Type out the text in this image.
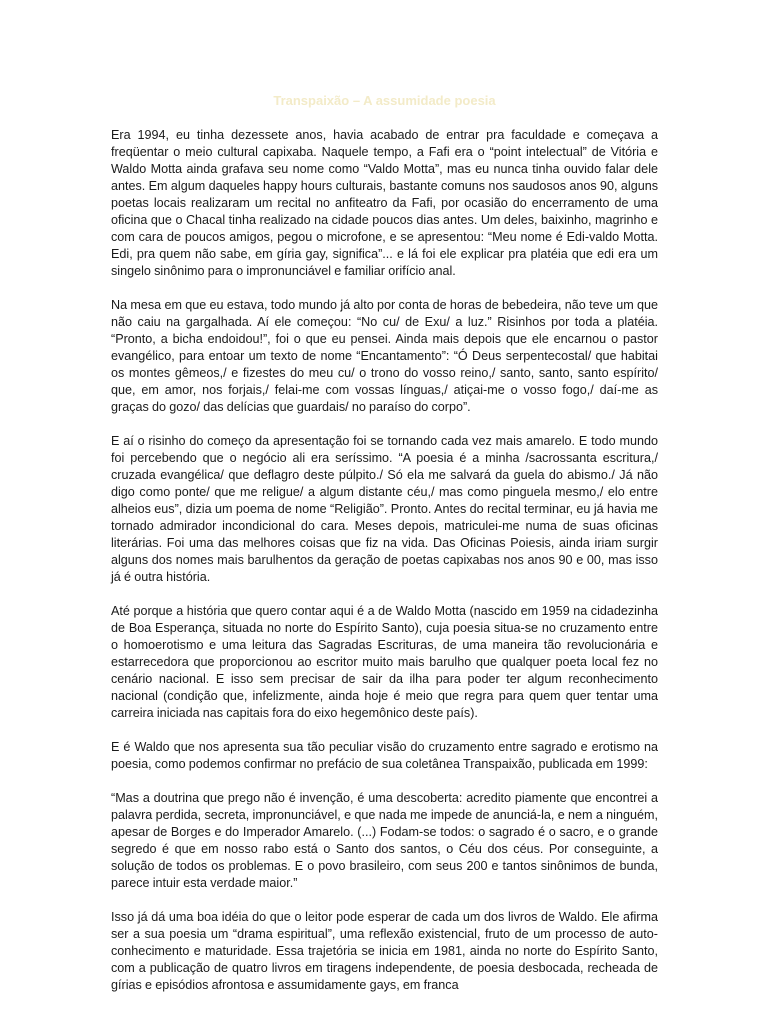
Transpaixão – A assumidade poesia

Era 1994, eu tinha dezessete anos, havia acabado de entrar pra faculdade e começava a freqüentar o meio cultural capixaba. Naquele tempo, a Fafi era o “point intelectual” de Vitória e Waldo Motta ainda grafava seu nome como “Valdo Motta”, mas eu nunca tinha ouvido falar dele antes. Em algum daqueles happy hours culturais, bastante comuns nos saudosos anos 90, alguns poetas locais realizaram um recital no anfiteatro da Fafi, por ocasião do encerramento de uma oficina que o Chacal tinha realizado na cidade poucos dias antes. Um deles, baixinho, magrinho e com cara de poucos amigos, pegou o microfone, e se apresentou: “Meu nome é Edi-valdo Motta. Edi, pra quem não sabe, em gíria gay, significa”... e lá foi ele explicar pra platéia que edi era um singelo sinônimo para o impronunciável e familiar orifício anal.

Na mesa em que eu estava, todo mundo já alto por conta de horas de bebedeira, não teve um que não caiu na gargalhada. Aí ele começou: “No cu/ de Exu/ a luz.” Risinhos por toda a platéia. “Pronto, a bicha endoidou!”, foi o que eu pensei. Ainda mais depois que ele encarnou o pastor evangélico, para entoar um texto de nome “Encantamento”: “Ó Deus serpentecostal/ que habitai os montes gêmeos,/ e fizestes do meu cu/ o trono do vosso reino,/ santo, santo, santo espírito/ que, em amor, nos forjais,/ felai-me com vossas línguas,/ atiçai-me o vosso fogo,/ daí-me as graças do gozo/ das delícias que guardais/ no paraíso do corpo”.

E aí o risinho do começo da apresentação foi se tornando cada vez mais amarelo. E todo mundo foi percebendo que o negócio ali era seríssimo. “A poesia é a minha /sacrossanta escritura,/ cruzada evangélica/ que deflagro deste púlpito./ Só ela me salvará da guela do abismo./ Já não digo como ponte/ que me religue/ a algum distante céu,/ mas como pinguela mesmo,/ elo entre alheios eus”, dizia um poema de nome “Religião”. Pronto. Antes do recital terminar, eu já havia me tornado admirador incondicional do cara. Meses depois, matriculei-me numa de suas oficinas literárias. Foi uma das melhores coisas que fiz na vida. Das Oficinas Poiesis, ainda iriam surgir alguns dos nomes mais barulhentos da geração de poetas capixabas nos anos 90 e 00, mas isso já é outra história.

Até porque a história que quero contar aqui é a de Waldo Motta (nascido em 1959 na cidadezinha de Boa Esperança, situada no norte do Espírito Santo), cuja poesia situa-se no cruzamento entre o homoerotismo e uma leitura das Sagradas Escrituras, de uma maneira tão revolucionária e estarrecedora que proporcionou ao escritor muito mais barulho que qualquer poeta local fez no cenário nacional. E isso sem precisar de sair da ilha para poder ter algum reconhecimento nacional (condição que, infelizmente, ainda hoje é meio que regra para quem quer tentar uma carreira iniciada nas capitais fora do eixo hegemônico deste país).

E é Waldo que nos apresenta sua tão peculiar visão do cruzamento entre sagrado e erotismo na poesia, como podemos confirmar no prefácio de sua coletânea Transpaixão, publicada em 1999:

“Mas a doutrina que prego não é invenção, é uma descoberta: acredito piamente que encontrei a palavra perdida, secreta, impronunciável, e que nada me impede de anunciá-la, e nem a ninguém, apesar de Borges e do Imperador Amarelo. (...) Fodam-se todos: o sagrado é o sacro, e o grande segredo é que em nosso rabo está o Santo dos santos, o Céu dos céus. Por conseguinte, a solução de todos os problemas. E o povo brasileiro, com seus 200 e tantos sinônimos de bunda, parece intuir esta verdade maior.”

Isso já dá uma boa idéia do que o leitor pode esperar de cada um dos livros de Waldo. Ele afirma ser a sua poesia um “drama espiritual”, uma reflexão existencial, fruto de um processo de auto-conhecimento e maturidade. Essa trajetória se inicia em 1981, ainda no norte do Espírito Santo, com a publicação de quatro livros em tiragens independente, de poesia desbocada, recheada de gírias e episódios afrontosa e assumidamente gays, em franca
